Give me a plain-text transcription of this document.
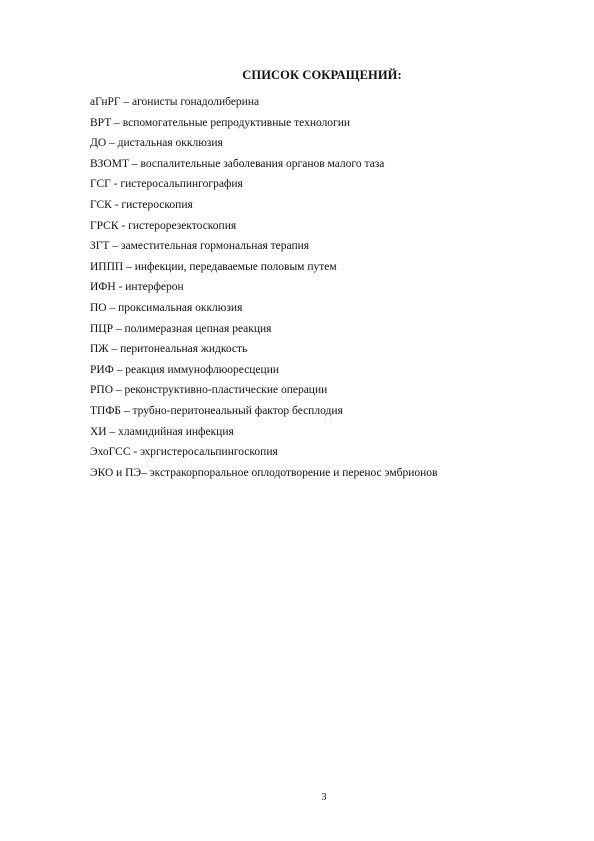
СПИСОК СОКРАЩЕНИЙ:
аГнРГ – агонисты гонадолиберина
ВРТ – вспомогательные репродуктивные технологии
ДО – дистальная окклюзия
ВЗОМТ – воспалительные заболевания органов малого таза
ГСГ - гистеросальпингография
ГСК - гистероскопия
ГРСК - гистерорезектоскопия
ЗГТ – заместительная гормональная терапия
ИППП – инфекции, передаваемые половым путем
ИФН - интерферон
ПО – проксимальная окклюзия
ПЦР – полимеразная цепная реакция
ПЖ – перитонеальная жидкость
РИФ – реакция иммунофлюоресцеции
РПО – реконструктивно-пластические операции
ТПФБ – трубно-перитонеальный фактор бесплодия
ХИ – хламидийная инфекция
ЭхоГСС - эхргистеросальпингоскопия
ЭКО и ПЭ– экстракорпоральное оплодотворение и перенос эмбрионов
3
